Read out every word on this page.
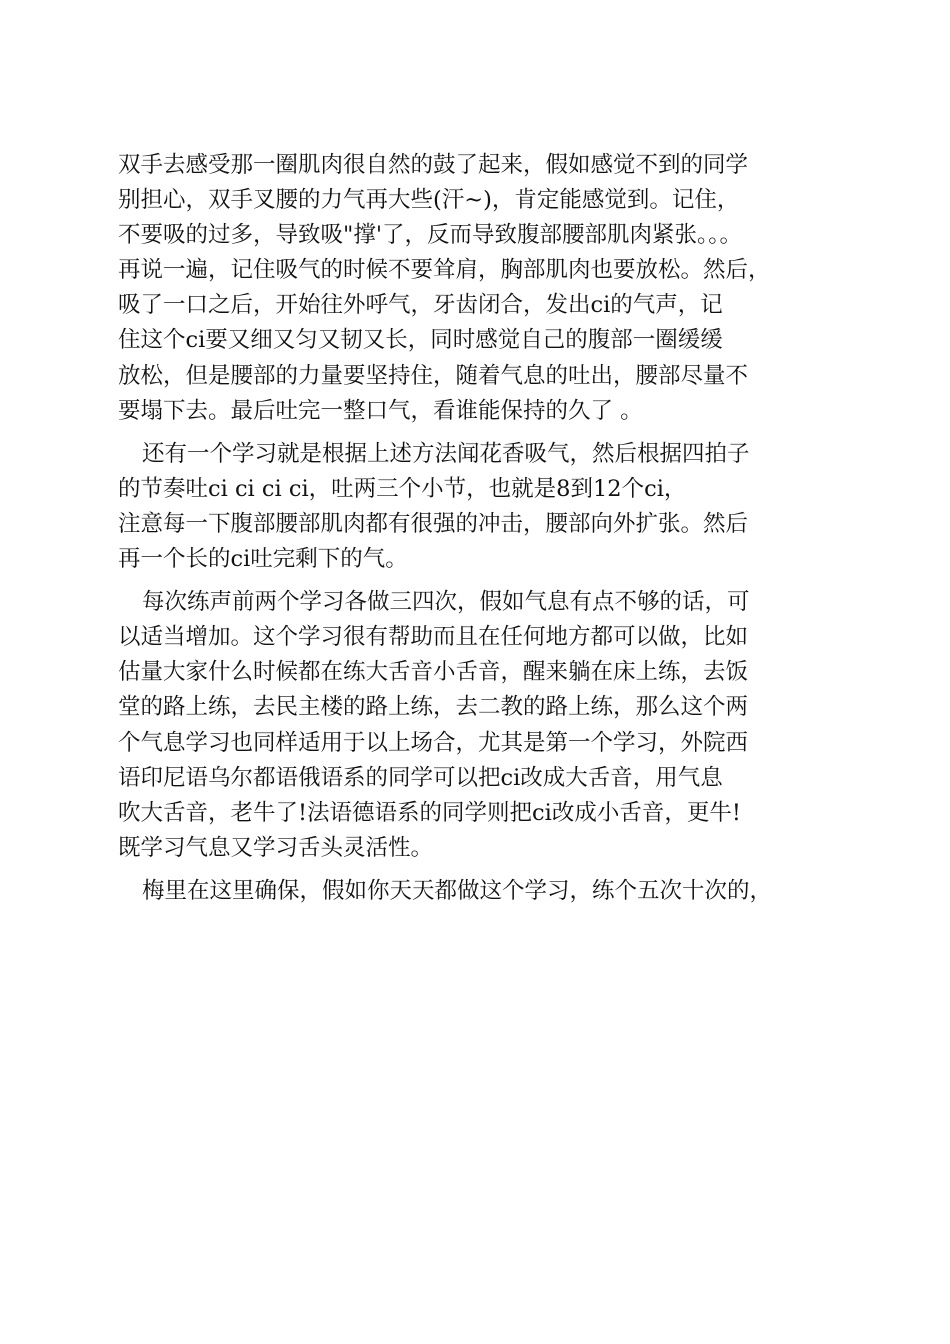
双手去感受那一圈肌肉很自然的鼓了起来，假如感觉不到的同学

别担心，双手叉腰的力气再大些(汗~)，肯定能感觉到。记住，

不要吸的过多，导致吸"撑'了，反而导致腹部腰部肌肉紧张。。。

再说一遍，记住吸气的时候不要耸肩，胸部肌肉也要放松。然后，

吸了一口之后，开始往外呼气，牙齿闭合，发出ci的气声，记

住这个ci要又细又匀又韧又长，同时感觉自己的腹部一圈缓缓

放松，但是腰部的力量要坚持住，随着气息的吐出，腰部尽量不

要塌下去。最后吐完一整口气，看谁能保持的久了 。

还有一个学习就是根据上述方法闻花香吸气，然后根据四拍子

的节奏吐ci ci ci ci，吐两三个小节，也就是8到12个ci，

注意每一下腹部腰部肌肉都有很强的冲击，腰部向外扩张。然后

再一个长的ci吐完剩下的气。

每次练声前两个学习各做三四次，假如气息有点不够的话，可

以适当增加。这个学习很有帮助而且在任何地方都可以做，比如

估量大家什么时候都在练大舌音小舌音，醒来躺在床上练，去饭

堂的路上练，去民主楼的路上练，去二教的路上练，那么这个两

个气息学习也同样适用于以上场合，尤其是第一个学习，外院西

语印尼语乌尔都语俄语系的同学可以把ci改成大舌音，用气息

吹大舌音，老牛了!法语德语系的同学则把ci改成小舌音，更牛!

既学习气息又学习舌头灵活性。

梅里在这里确保，假如你天天都做这个学习，练个五次十次的，
